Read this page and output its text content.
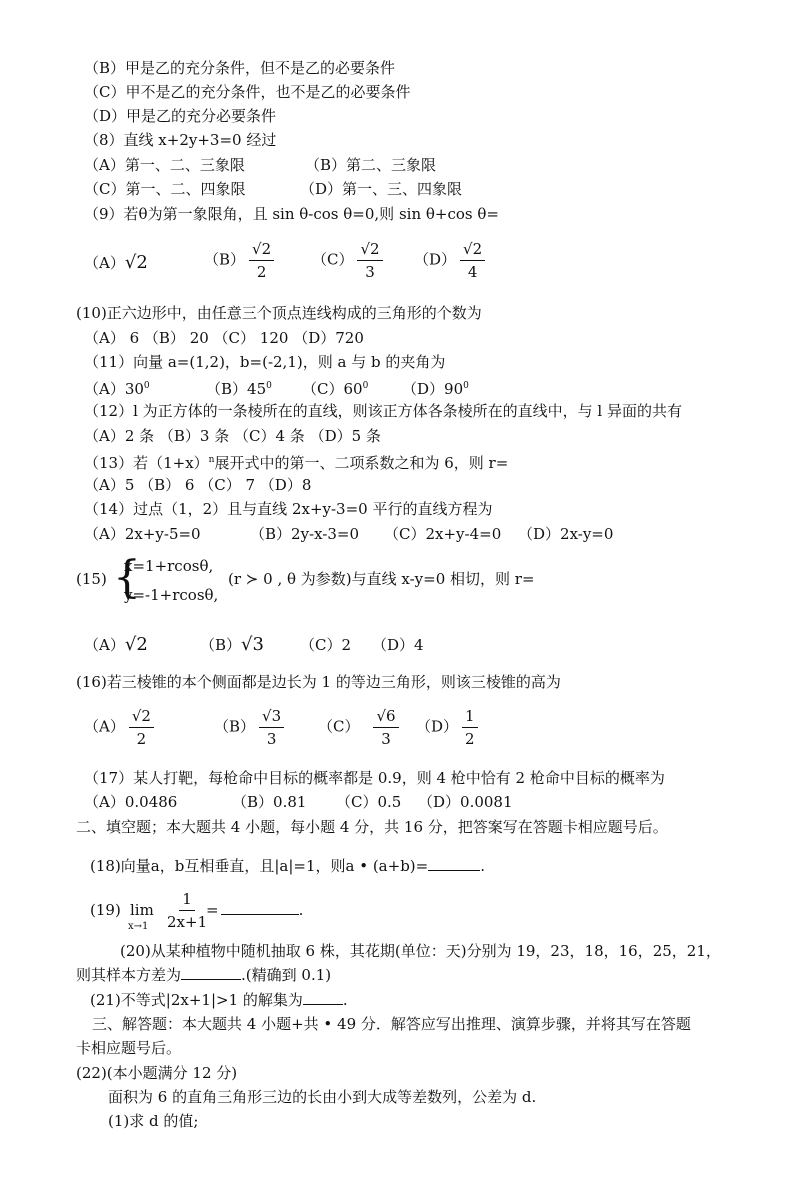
（B）甲是乙的充分条件，但不是乙的必要条件
（C）甲不是乙的充分条件，也不是乙的必要条件
（D）甲是乙的充分必要条件
（8）直线 x+2y+3=0 经过
（A）第一、二、三象限	（B）第二、三象限
（C）第一、二、四象限	（D）第一、三、四象限
（9）若θ为第一象限角，且 sin θ-cos θ=0,则 sin θ+cos θ=
（A）√2	$(B) \frac{√2}{2}$	$(C) \frac{√2}{3} (D) \frac{√2}{4}$
(10)正六边形中，由任意三个顶点连线构成的三角形的个数为
（A） 6 （B） 20 （C） 120 （D）720
（11）向量 a=(1,2)，b=(-2,1)，则 a 与 b 的夹角为
$(A)30^0$	$(B)45^0$ $(C)60^0$ $(D)90^0$
（12）l 为正方体的一条棱所在的直线，则该正方体各条棱所在的直线中，与 l 异面的共有
（A）2 条 （B）3 条 （C）4 条 （D）5 条
（13）若$(1+x)^n$展开式中的第一、二项系数之和为 6，则 r=
（A）5 （B） 6 （C） 7 （D）8
（14）过点（1，2）且与直线 2x+y-3=0 平行的直线方程为
（A）2x+y-5=0	（B）2y-x-3=0 （C）2x+y-4=0 （D）2x-y=0
(15) {
x=1+rcosθ,
y=-1+rcosθ,
(r ≻ 0 , θ 为参数)与直线 x-y=0 相切，则 r=
（A）√2	（B）√3 （C）2 （D）4
(16)若三棱锥的本个侧面都是边长为 1 的等边三角形，则该三棱锥的高为
$(A) \frac{√2}{2}$	$(B) \frac{√3}{3} (C) \frac{√6}{3} (D) \frac{1}{2}$
（17）某人打靶，每枪命中目标的概率都是 0.9，则 4 枪中恰有 2 枪命中目标的概率为
（A）0.0486	（B）0.81 （C）0.5 （D）0.0081
二、填空题；本大题共 4 小题，每小题 4 分，共 16 分，把答案写在答题卡相应题号后。
(18)向量a，b互相垂直，且|a|=1，则a • (a+b)=	.
(19) lim
$x\to 1 \frac{1}{2x+1}$
=	.
(20)从某种植物中随机抽取 6 株，其花期(单位：天)分别为 19，23，18，16，25，21，
则其样本方差为	.(精确到 0.1)
(21)不等式|2x+1|>1 的解集为	.
三、解答题：本大题共 4 小题+共 • 49 分．解答应写出推理、演算步骤，并将其写在答题
卡相应题号后。
(22)(本小题满分 12 分)
面积为 6 的直角三角形三边的长由小到大成等差数列，公差为 d.
(1)求 d 的值;
